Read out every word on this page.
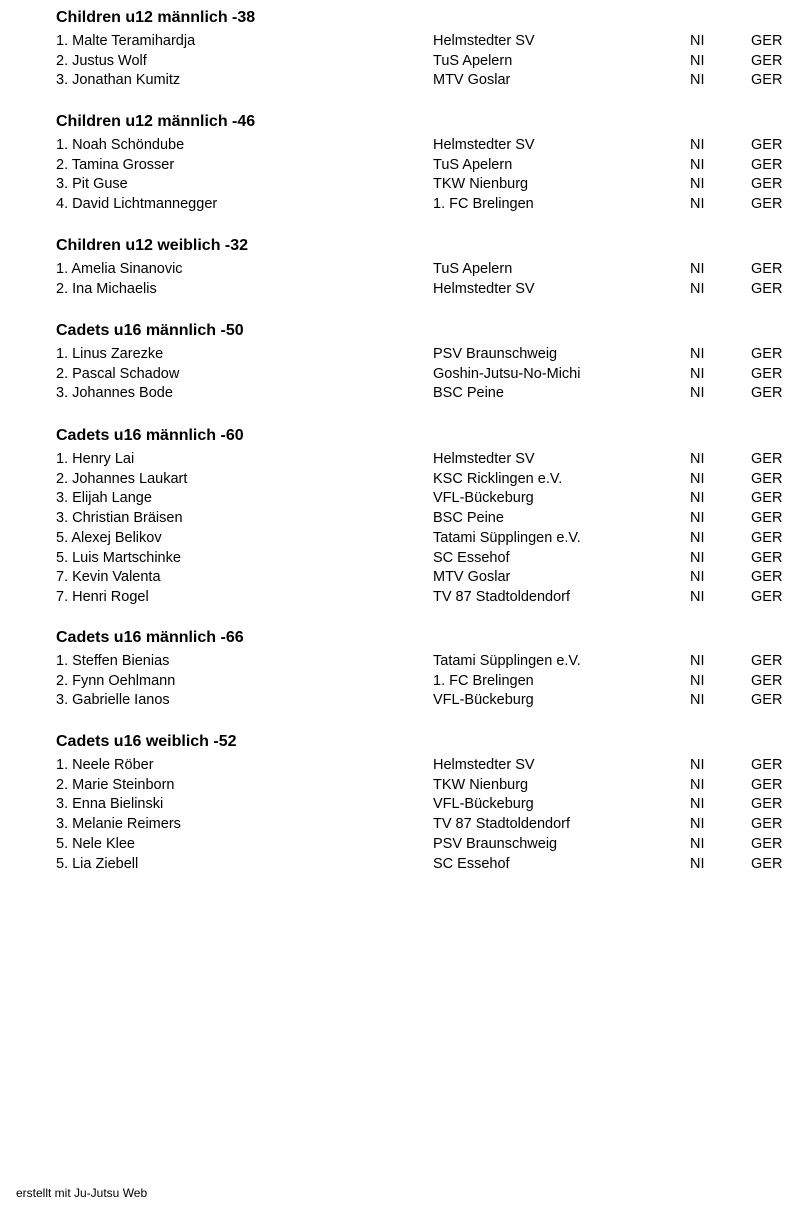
Children u12 männlich -38
1. Malte Teramihardja	Helmstedter SV	NI	GER
2. Justus Wolf	TuS Apelern	NI	GER
3. Jonathan Kumitz	MTV Goslar	NI	GER
Children u12 männlich -46
1. Noah Schöndube	Helmstedter SV	NI	GER
2. Tamina Grosser	TuS Apelern	NI	GER
3. Pit Guse	TKW Nienburg	NI	GER
4. David Lichtmannegger	1. FC Brelingen	NI	GER
Children u12 weiblich -32
1. Amelia Sinanovic	TuS Apelern	NI	GER
2. Ina Michaelis	Helmstedter SV	NI	GER
Cadets u16 männlich -50
1. Linus Zarezke	PSV Braunschweig	NI	GER
2. Pascal Schadow	Goshin-Jutsu-No-Michi	NI	GER
3. Johannes Bode	BSC Peine	NI	GER
Cadets u16 männlich -60
1. Henry Lai	Helmstedter SV	NI	GER
2. Johannes Laukart	KSC Ricklingen e.V.	NI	GER
3. Elijah Lange	VFL-Bückeburg	NI	GER
3. Christian Bräisen	BSC Peine	NI	GER
5. Alexej Belikov	Tatami Süpplingen e.V.	NI	GER
5. Luis Martschinke	SC Essehof	NI	GER
7. Kevin Valenta	MTV Goslar	NI	GER
7. Henri Rogel	TV 87 Stadtoldendorf	NI	GER
Cadets u16 männlich -66
1. Steffen Bienias	Tatami Süpplingen e.V.	NI	GER
2. Fynn Oehlmann	1. FC Brelingen	NI	GER
3. Gabrielle Ianos	VFL-Bückeburg	NI	GER
Cadets u16 weiblich -52
1. Neele Röber	Helmstedter SV	NI	GER
2. Marie Steinborn	TKW Nienburg	NI	GER
3. Enna Bielinski	VFL-Bückeburg	NI	GER
3. Melanie Reimers	TV 87 Stadtoldendorf	NI	GER
5. Nele Klee	PSV Braunschweig	NI	GER
5. Lia Ziebell	SC Essehof	NI	GER
erstellt mit Ju-Jutsu Web
